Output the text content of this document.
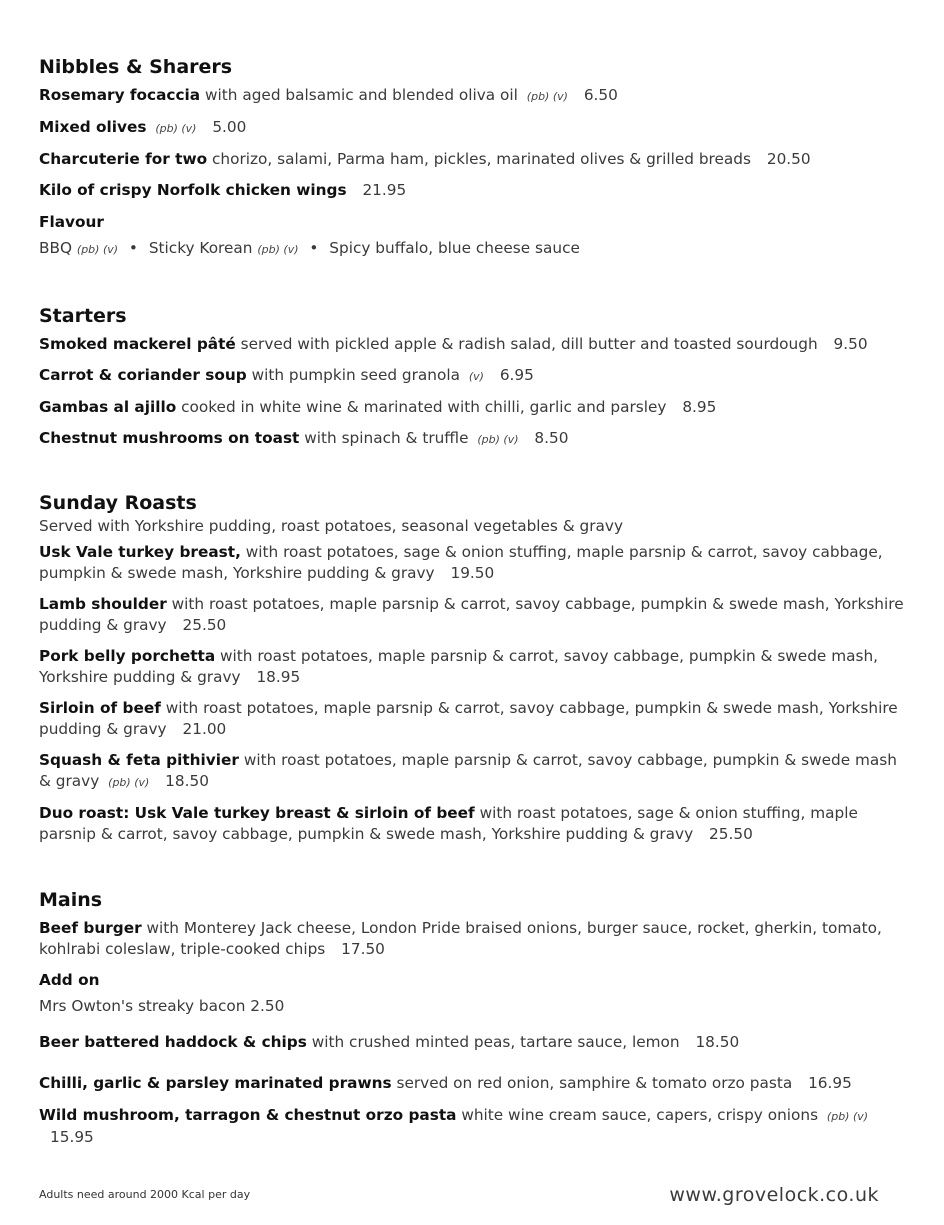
Nibbles & Sharers

Rosemary focaccia with aged balsamic and blended oliva oil (pb) (v) 6.50

Mixed olives (pb) (v) 5.00

Charcuterie for two chorizo, salami, Parma ham, pickles, marinated olives & grilled breads 20.50

Kilo of crispy Norfolk chicken wings 21.95

Flavour
BBQ (pb) (v) • Sticky Korean (pb) (v) • Spicy buffalo, blue cheese sauce
Starters

Smoked mackerel pâté served with pickled apple & radish salad, dill butter and toasted sourdough 9.50

Carrot & coriander soup with pumpkin seed granola (v) 6.95

Gambas al ajillo cooked in white wine & marinated with chilli, garlic and parsley 8.95

Chestnut mushrooms on toast with spinach & truffle (pb) (v) 8.50

Sunday Roasts
Served with Yorkshire pudding, roast potatoes, seasonal vegetables & gravy

Usk Vale turkey breast, with roast potatoes, sage & onion stuffing, maple parsnip & carrot, savoy cabbage, pumpkin & swede mash, Yorkshire pudding & gravy 19.50

Lamb shoulder with roast potatoes, maple parsnip & carrot, savoy cabbage, pumpkin & swede mash, Yorkshire pudding & gravy 25.50

Pork belly porchetta with roast potatoes, maple parsnip & carrot, savoy cabbage, pumpkin & swede mash, Yorkshire pudding & gravy 18.95

Sirloin of beef with roast potatoes, maple parsnip & carrot, savoy cabbage, pumpkin & swede mash, Yorkshire pudding & gravy 21.00

Squash & feta pithivier with roast potatoes, maple parsnip & carrot, savoy cabbage, pumpkin & swede mash & gravy (pb) (v) 18.50

Duo roast: Usk Vale turkey breast & sirloin of beef with roast potatoes, sage & onion stuffing, maple parsnip & carrot, savoy cabbage, pumpkin & swede mash, Yorkshire pudding & gravy 25.50

Mains

Beef burger with Monterey Jack cheese, London Pride braised onions, burger sauce, rocket, gherkin, tomato, kohlrabi coleslaw, triple-cooked chips 17.50

Add on
Mrs Owton's streaky bacon 2.50

Beer battered haddock & chips with crushed minted peas, tartare sauce, lemon 18.50

Chilli, garlic & parsley marinated prawns served on red onion, samphire & tomato orzo pasta 16.95

Wild mushroom, tarragon & chestnut orzo pasta white wine cream sauce, capers, crispy onions (pb) (v) 15.95

Adults need around 2000 Kcal per day	www.grovelock.co.uk
